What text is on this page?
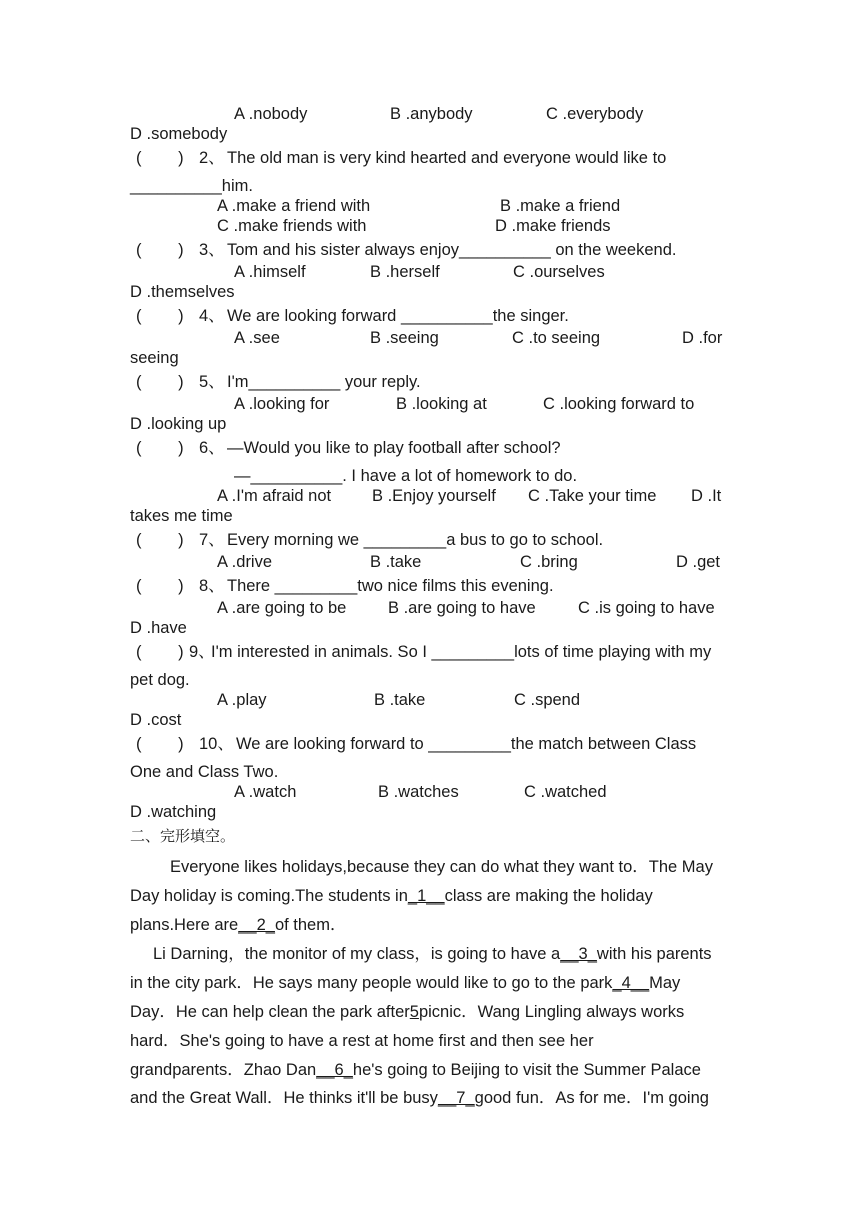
A .nobody	B .anybody	C .everybody
D .somebody
(        ) 2、 The old man is very kind hearted and everyone would like to
__________him.
A .make a friend with	B .make a friend
C .make friends with	D .make friends
(        ) 3、 Tom and his sister always enjoy__________ on the weekend.
A .himself	B .herself	C .ourselves
D .themselves
(        ) 4、 We are looking forward __________the singer.
A .see	B .seeing	C .to seeing	D .for
seeing
(        ) 5、 I'm__________ your reply.
A .looking for	B .looking at	C .looking forward to
D .looking up
(        ) 6、 —Would you like to play football after school?
—__________. I have a lot of homework to do.
A .I'm afraid not B .Enjoy yourself C .Take your time D .It
takes me time
(        ) 7、 Every morning we _________a bus to go to school.
A .drive	B .take	C .bring	D .get
(        ) 8、 There _________two nice films this evening.
A .are going to be	B .are going to have	C .is going to have
D .have
(        ) 9、
I'm interested in animals. So I _________lots of time playing with my
pet dog.
A .play	B .take	C .spend
D .cost
(        ) 10、 We are looking forward to _________the match between Class
One and Class Two.
A .watch	B .watches	C .watched
D .watching
二、完形填空。
Everyone likes holidays,because they can do what they want to．The May
Day holiday is coming.The students in_1__class are making the holiday
plans.Here are__2_of them．
Li Darning，the monitor of my class，is going to have a__3_with his parents
in the city park．He says many people would like to go to the park_4__May
Day．He can help clean the park after5picnic．Wang Lingling always works
hard．She's going to have a rest at home first and then see her
grandparents．Zhao Dan__6_he's going to Beijing to visit the Summer Palace
and the Great Wall．He thinks it'll be busy__7_good fun．As for me．I'm going
